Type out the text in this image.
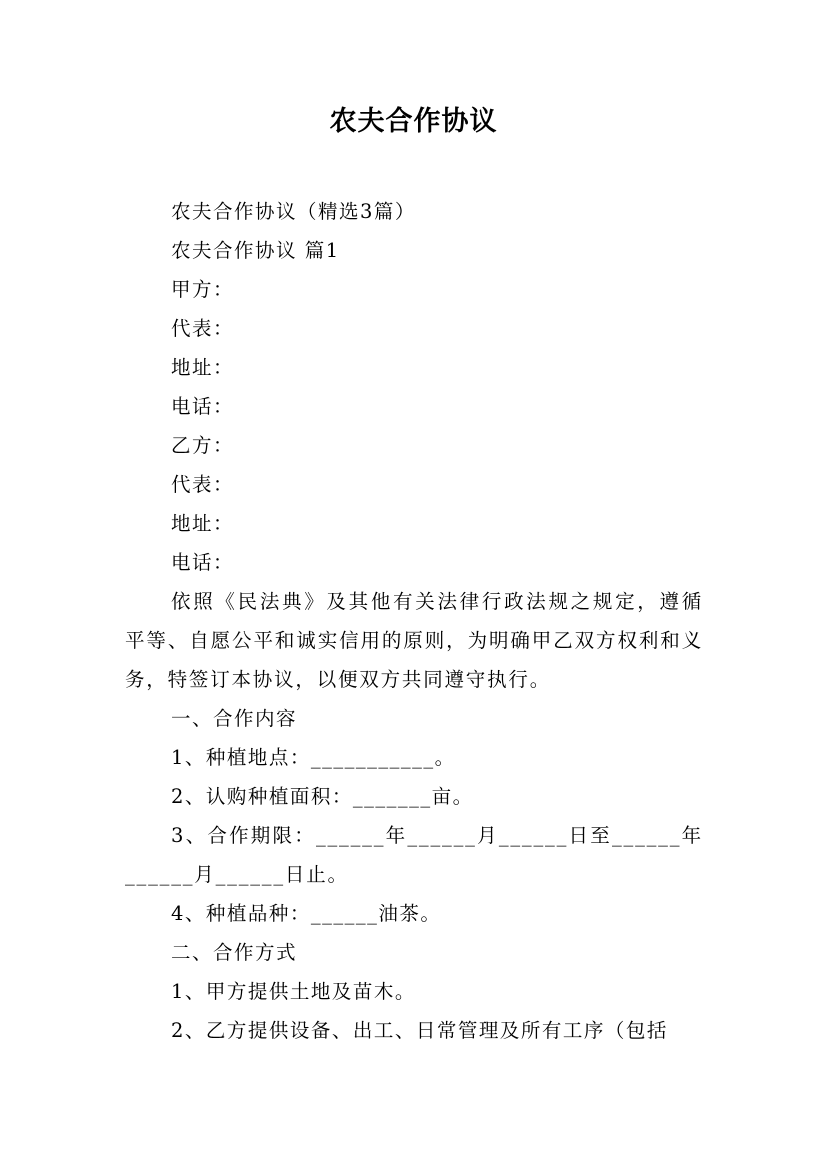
农夫合作协议

农夫合作协议（精选3篇）

农夫合作协议 篇1

甲方：

代表：

地址：

电话：

乙方：

代表：

地址：

电话：

依照《民法典》及其他有关法律行政法规之规定，遵循平等、自愿公平和诚实信用的原则，为明确甲乙双方权利和义务，特签订本协议，以便双方共同遵守执行。

一、合作内容

1、种植地点：___________。

2、认购种植面积：_______亩。

3、合作期限：______年______月______日至______年______月______日止。

4、种植品种：______油茶。

二、合作方式

1、甲方提供土地及苗木。

2、乙方提供设备、出工、日常管理及所有工序（包括
